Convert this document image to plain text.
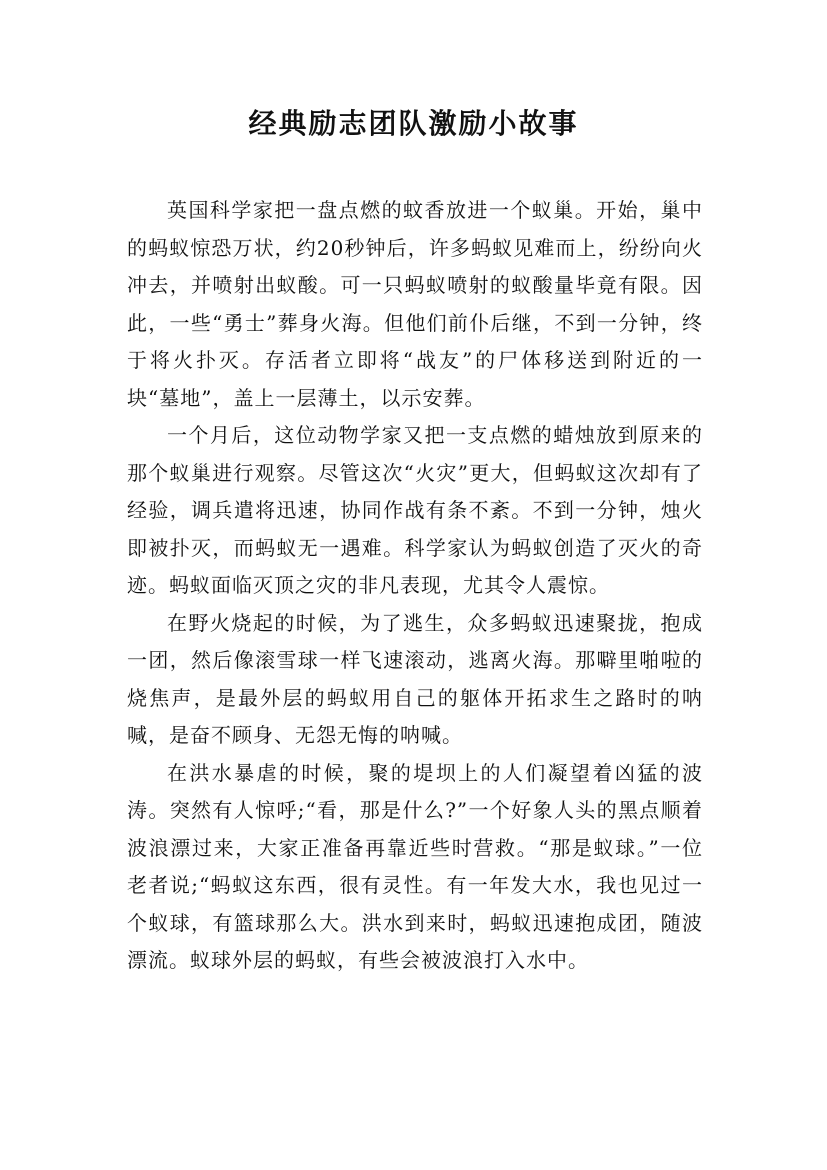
经典励志团队激励小故事

英国科学家把一盘点燃的蚊香放进一个蚁巢。开始，巢中的蚂蚁惊恐万状，约20秒钟后，许多蚂蚁见难而上，纷纷向火冲去，并喷射出蚁酸。可一只蚂蚁喷射的蚁酸量毕竟有限。因此，一些“勇士”葬身火海。但他们前仆后继，不到一分钟，终于将火扑灭。存活者立即将“战友”的尸体移送到附近的一块“墓地”，盖上一层薄土，以示安葬。

一个月后，这位动物学家又把一支点燃的蜡烛放到原来的那个蚁巢进行观察。尽管这次“火灾”更大，但蚂蚁这次却有了经验，调兵遣将迅速，协同作战有条不紊。不到一分钟，烛火即被扑灭，而蚂蚁无一遇难。科学家认为蚂蚁创造了灭火的奇迹。蚂蚁面临灭顶之灾的非凡表现，尤其令人震惊。

在野火烧起的时候，为了逃生，众多蚂蚁迅速聚拢，抱成一团，然后像滚雪球一样飞速滚动，逃离火海。那噼里啪啦的烧焦声，是最外层的蚂蚁用自己的躯体开拓求生之路时的呐喊，是奋不顾身、无怨无悔的呐喊。

在洪水暴虐的时候，聚的堤坝上的人们凝望着凶猛的波涛。突然有人惊呼;“看，那是什么?”一个好象人头的黑点顺着波浪漂过来，大家正准备再靠近些时营救。“那是蚁球。”一位老者说;“蚂蚁这东西，很有灵性。有一年发大水，我也见过一个蚁球，有篮球那么大。洪水到来时，蚂蚁迅速抱成团，随波漂流。蚁球外层的蚂蚁，有些会被波浪打入水中。
